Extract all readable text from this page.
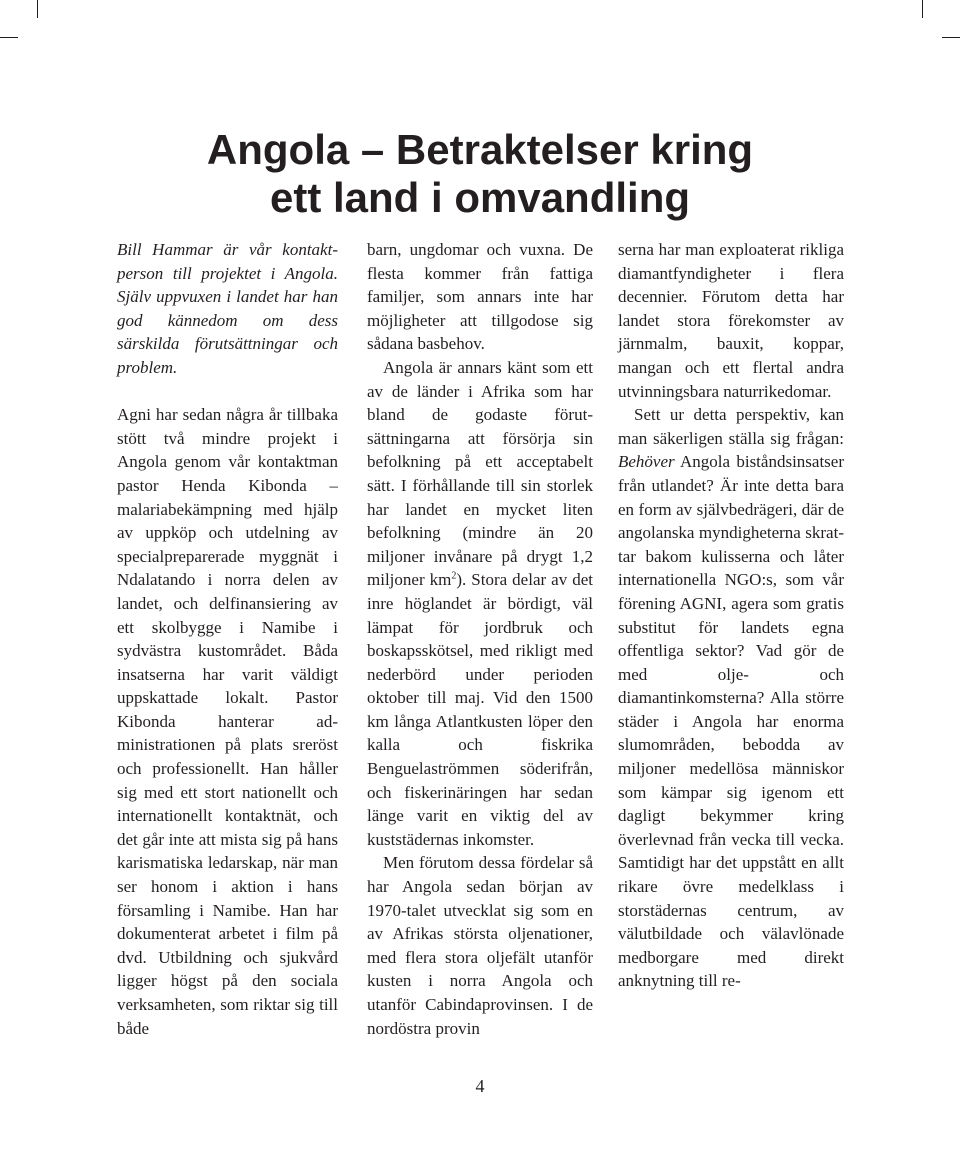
Angola – Betraktelser kring
ett land i omvandling

Bill Hammar är vår kontaktperson till projektet i Angola. Själv uppvuxen i landet har han god kännedom om dess särskilda förutsättningar och problem.

Agni har sedan några år tillbaka stött två mindre projekt i Angola genom vår kontaktman pastor Henda Kibonda – malariabekämpning med hjälp av uppköp och utdelning av specialpreparerade myggnät i Ndalatando i norra delen av landet, och delfinansiering av ett skolbygge i Namibe i sydvästra kustområdet. Båda insatserna har varit väldigt uppskattade lokalt. Pastor Kibonda hanterar administrationen på plats sreröst och professionellt. Han håller sig med ett stort nationellt och internationellt kontaktnät, och det går inte att mista sig på hans karismatiska ledarskap, när man ser honom i aktion i hans församling i Namibe. Han har dokumenterat arbetet i film på dvd. Utbildning och sjukvård ligger högst på den sociala verksamheten, som riktar sig till både

barn, ungdomar och vuxna. De flesta kommer från fattiga familjer, som annars inte har möjligheter att tillgodose sig sådana basbehov.

Angola är annars känt som ett av de länder i Afrika som har bland de godaste förutsättningarna att försörja sin befolkning på ett acceptabelt sätt. I förhållande till sin storlek har landet en mycket liten befolkning (mindre än 20 miljoner invånare på drygt 1,2 miljoner $km^2$). Stora delar av det inre höglandet är bördigt, väl lämpat för jordbruk och boskapsskötsel, med rikligt med nederbörd under perioden oktober till maj. Vid den 1500 km långa Atlantkusten löper den kalla och fiskrika Benguelaströmmen söderifrån, och fiskerinäringen har sedan länge varit en viktig del av kuststädernas inkomster.

Men förutom dessa fördelar så har Angola sedan början av 1970-talet utvecklat sig som en av Afrikas största oljenationer, med flera stora oljefält utanför kusten i norra Angola och utanför Cabindaprovinsen. I de nordöstra provin

serna har man exploaterat rikliga diamantfyndigheter i flera decennier. Förutom detta har landet stora förekomster av järnmalm, bauxit, koppar, mangan och ett flertal andra utvinningsbara naturrikedomar.

Sett ur detta perspektiv, kan man säkerligen ställa sig frågan: Behöver Angola biståndsinsatser från utlandet? Är inte detta bara en form av självbedrägeri, där de angolanska myndigheterna skrattar bakom kulisserna och låter internationella NGO:s, som vår förening AGNI, agera som gratis substitut för landets egna offentliga sektor? Vad gör de med olje- och diamantinkomsterna? Alla större städer i Angola har enorma slumområden, bebodda av miljoner medellösa människor som kämpar sig igenom ett dagligt bekymmer kring överlevnad från vecka till vecka. Samtidigt har det uppstått en allt rikare övre medelklass i storstädernas centrum, av välutbildade och välavlönade medborgare med direkt anknytning till re-

4
